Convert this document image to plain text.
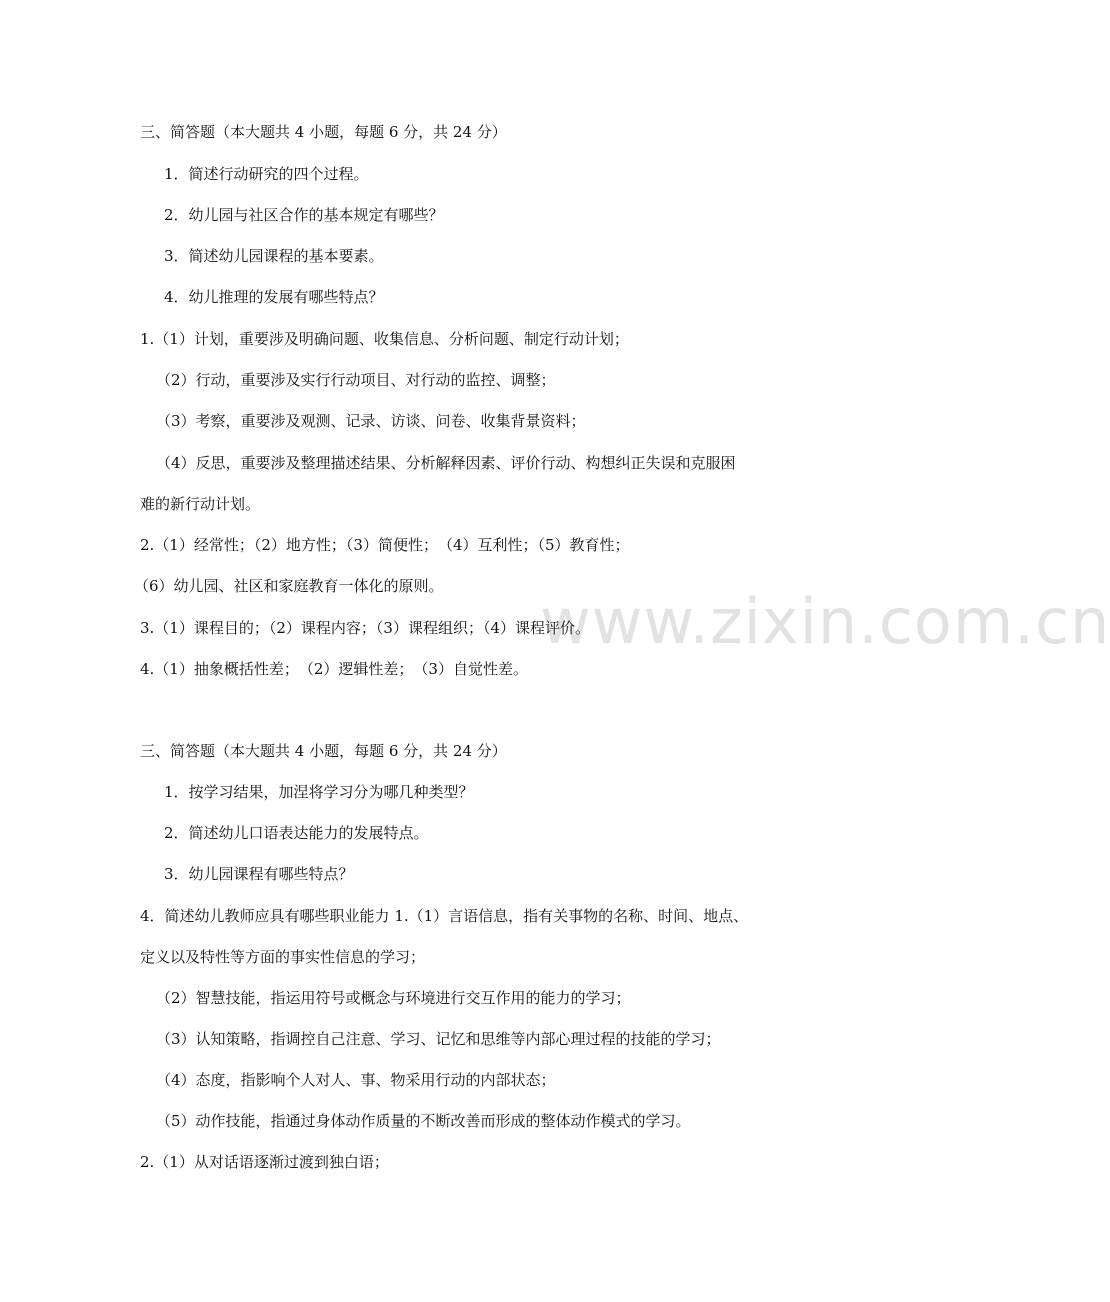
www.zixin.com.cn
三、简答题（本大题共 4 小题，每题 6 分，共 24 分）
1．简述行动研究的四个过程。
2．幼儿园与社区合作的基本规定有哪些？
3．简述幼儿园课程的基本要素。
4．幼儿推理的发展有哪些特点？
1.（1）计划，重要涉及明确问题、收集信息、分析问题、制定行动计划；
（2）行动，重要涉及实行行动项目、对行动的监控、调整；
（3）考察，重要涉及观测、记录、访谈、问卷、收集背景资料；
（4）反思，重要涉及整理描述结果、分析解释因素、评价行动、构想纠正失误和克服困
难的新行动计划。
2.（1）经常性；（2）地方性；（3）简便性；　（4）互利性；（5）教育性；
（6）幼儿园、社区和家庭教育一体化的原则。
3.（1）课程目的；（2）课程内容；（3）课程组织；（4）课程评价。
4.（1）抽象概括性差；　（2）逻辑性差；　（3）自觉性差。
三、简答题（本大题共 4 小题，每题 6 分，共 24 分）
1．按学习结果，加涅将学习分为哪几种类型？
2．简述幼儿口语表达能力的发展特点。
3．幼儿园课程有哪些特点？
4．简述幼儿教师应具有哪些职业能力 1.（1）言语信息，指有关事物的名称、时间、地点、
定义以及特性等方面的事实性信息的学习；
（2）智慧技能，指运用符号或概念与环境进行交互作用的能力的学习；
（3）认知策略，指调控自己注意、学习、记忆和思维等内部心理过程的技能的学习；
（4）态度，指影响个人对人、事、物采用行动的内部状态；
（5）动作技能，指通过身体动作质量的不断改善而形成的整体动作模式的学习。
2.（1）从对话语逐渐过渡到独白语；
